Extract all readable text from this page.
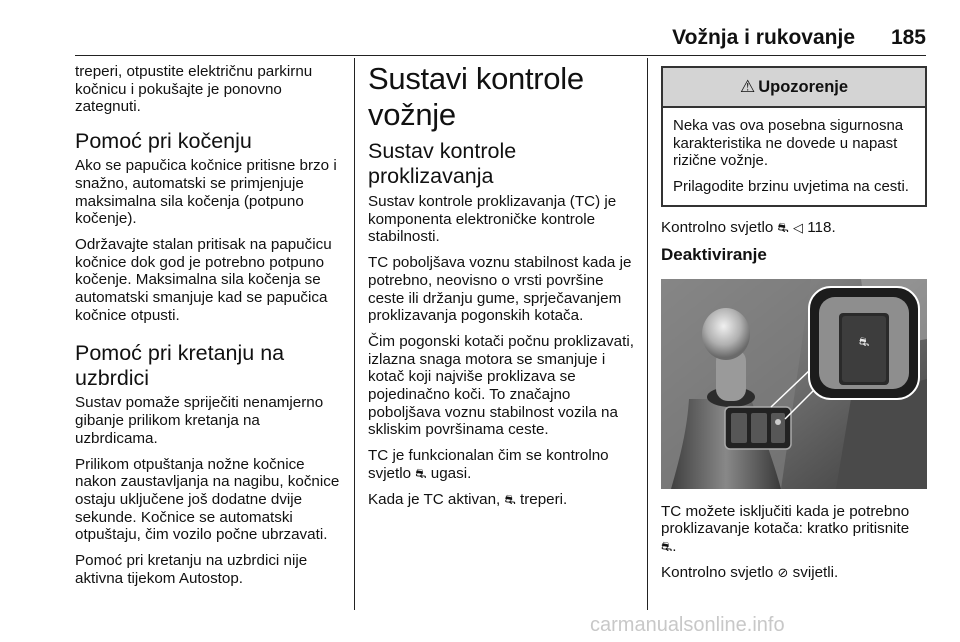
Vožnja i rukovanje	185

treperi, otpustite električnu parkirnu kočnicu i pokušajte je ponovno zategnuti.

Pomoć pri kočenju

Ako se papučica kočnice pritisne brzo i snažno, automatski se primjenjuje maksimalna sila kočenja (potpuno kočenje).

Održavajte stalan pritisak na papučicu kočnice dok god je potrebno potpuno kočenje. Maksimalna sila kočenja se automatski smanjuje kad se papučica kočnice otpusti.

Pomoć pri kretanju na uzbrdici

Sustav pomaže spriječiti nenamjerno gibanje prilikom kretanja na uzbrdicama.

Prilikom otpuštanja nožne kočnice nakon zaustavljanja na nagibu, kočnice ostaju uključene još dodatne dvije sekunde. Kočnice se automatski otpuštaju, čim vozilo počne ubrzavati.

Pomoć pri kretanju na uzbrdici nije aktivna tijekom Autostop.

Sustavi kontrole vožnje
Sustav kontrole proklizavanja

Sustav kontrole proklizavanja (TC) je komponenta elektroničke kontrole stabilnosti.

TC poboljšava voznu stabilnost kada je potrebno, neovisno o vrsti površine ceste ili držanju gume, sprječavanjem proklizavanja pogonskih kotača.

Čim pogonski kotači počnu proklizavati, izlazna snaga motora se smanjuje i kotač koji najviše proklizava se pojedinačno koči. To značajno poboljšava voznu stabilnost vozila na skliskim površinama ceste.

TC je funkcionalan čim se kontrolno svjetlo ⛐ ugasi.

Kada je TC aktivan, ⛐ treperi.

⚠ Upozorenje

Neka vas ova posebna sigurnosna karakteristika ne dovede u napast rizične vožnje.

Prilagodite brzinu uvjetima na cesti.

Kontrolno svjetlo ⛐ ◁ 118.

Deaktiviranje
⛐

TC možete isključiti kada je potrebno proklizavanje kotača: kratko pritisnite ⛐.

Kontrolno svjetlo ⊘ svijetli.

carmanualsonline.info
